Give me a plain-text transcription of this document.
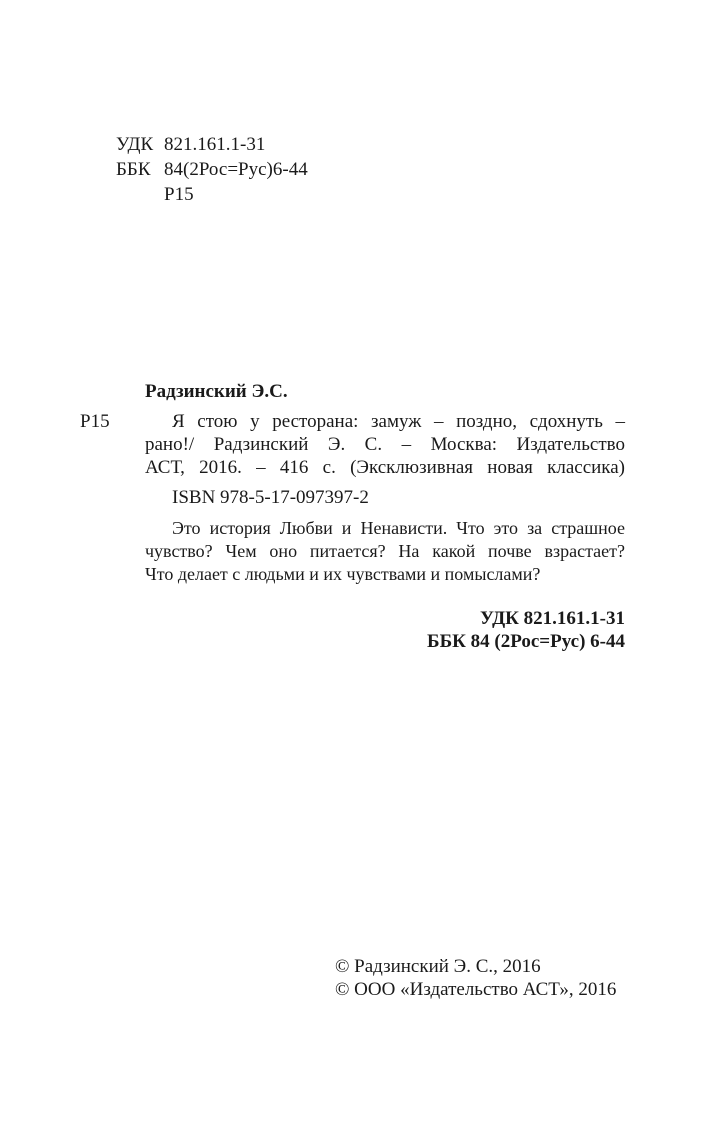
УДК 821.161.1-31
ББК 84(2Рос=Рус)6-44
Р15
Радзинский Э.С.
Р15	Я стою у ресторана: замуж – поздно, сдохнуть –
рано!/ Радзинский Э. С. – Москва: Издательство
АСТ, 2016. – 416 с. (Эксклюзивная новая классика)
ISBN 978-5-17-097397-2
Это история Любви и Ненависти. Что это за страшное
чувство? Чем оно питается? На какой почве взрастает?
Что делает с людьми и их чувствами и помыслами?
УДК 821.161.1-31
ББК 84 (2Рос=Рус) 6-44
© Радзинский Э. С., 2016
© ООО «Издательство АСТ», 2016
